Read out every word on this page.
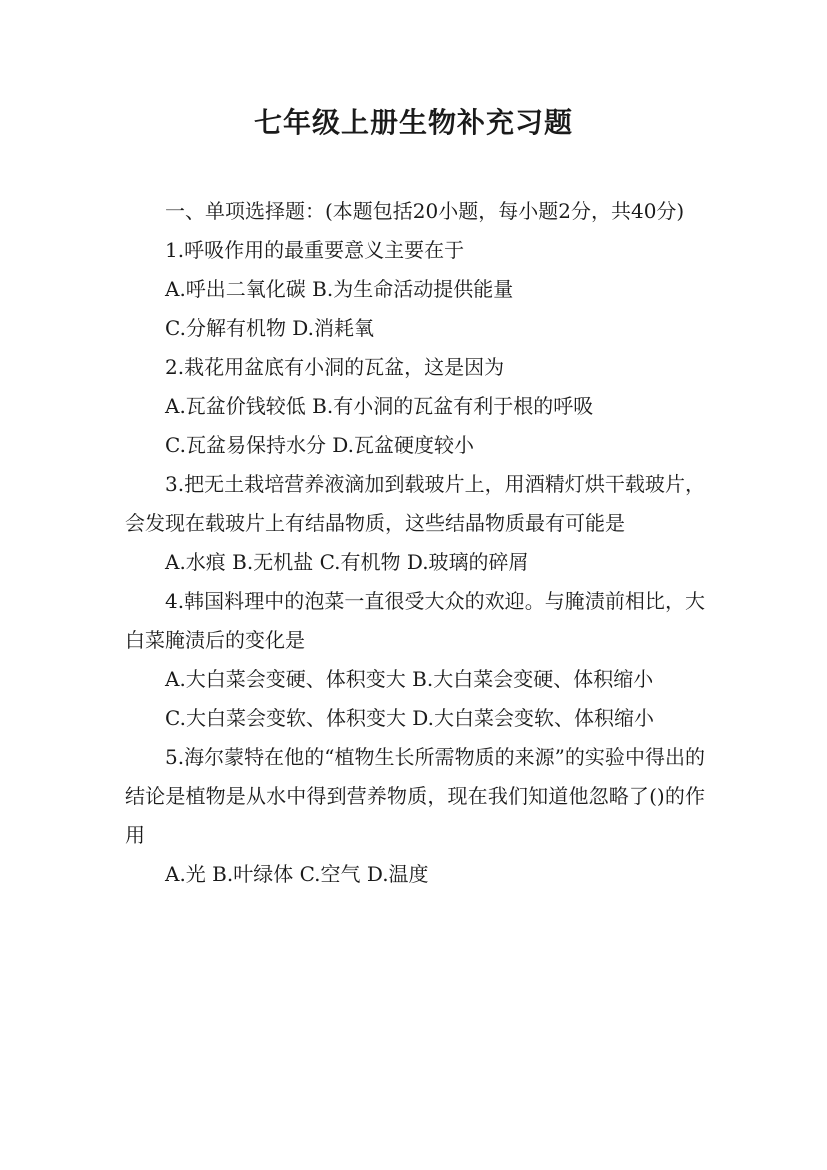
七年级上册生物补充习题

一、单项选择题：(本题包括20小题，每小题2分，共40分)

1.呼吸作用的最重要意义主要在于

A.呼出二氧化碳 B.为生命活动提供能量

C.分解有机物 D.消耗氧

2.栽花用盆底有小洞的瓦盆，这是因为

A.瓦盆价钱较低 B.有小洞的瓦盆有利于根的呼吸

C.瓦盆易保持水分 D.瓦盆硬度较小

3.把无土栽培营养液滴加到载玻片上，用酒精灯烘干载玻片，会发现在载玻片上有结晶物质，这些结晶物质最有可能是

A.水痕 B.无机盐 C.有机物 D.玻璃的碎屑

4.韩国料理中的泡菜一直很受大众的欢迎。与腌渍前相比，大白菜腌渍后的变化是

A.大白菜会变硬、体积变大 B.大白菜会变硬、体积缩小

C.大白菜会变软、体积变大 D.大白菜会变软、体积缩小

5.海尔蒙特在他的“植物生长所需物质的来源”的实验中得出的结论是植物是从水中得到营养物质，现在我们知道他忽略了()的作用

A.光 B.叶绿体 C.空气 D.温度
